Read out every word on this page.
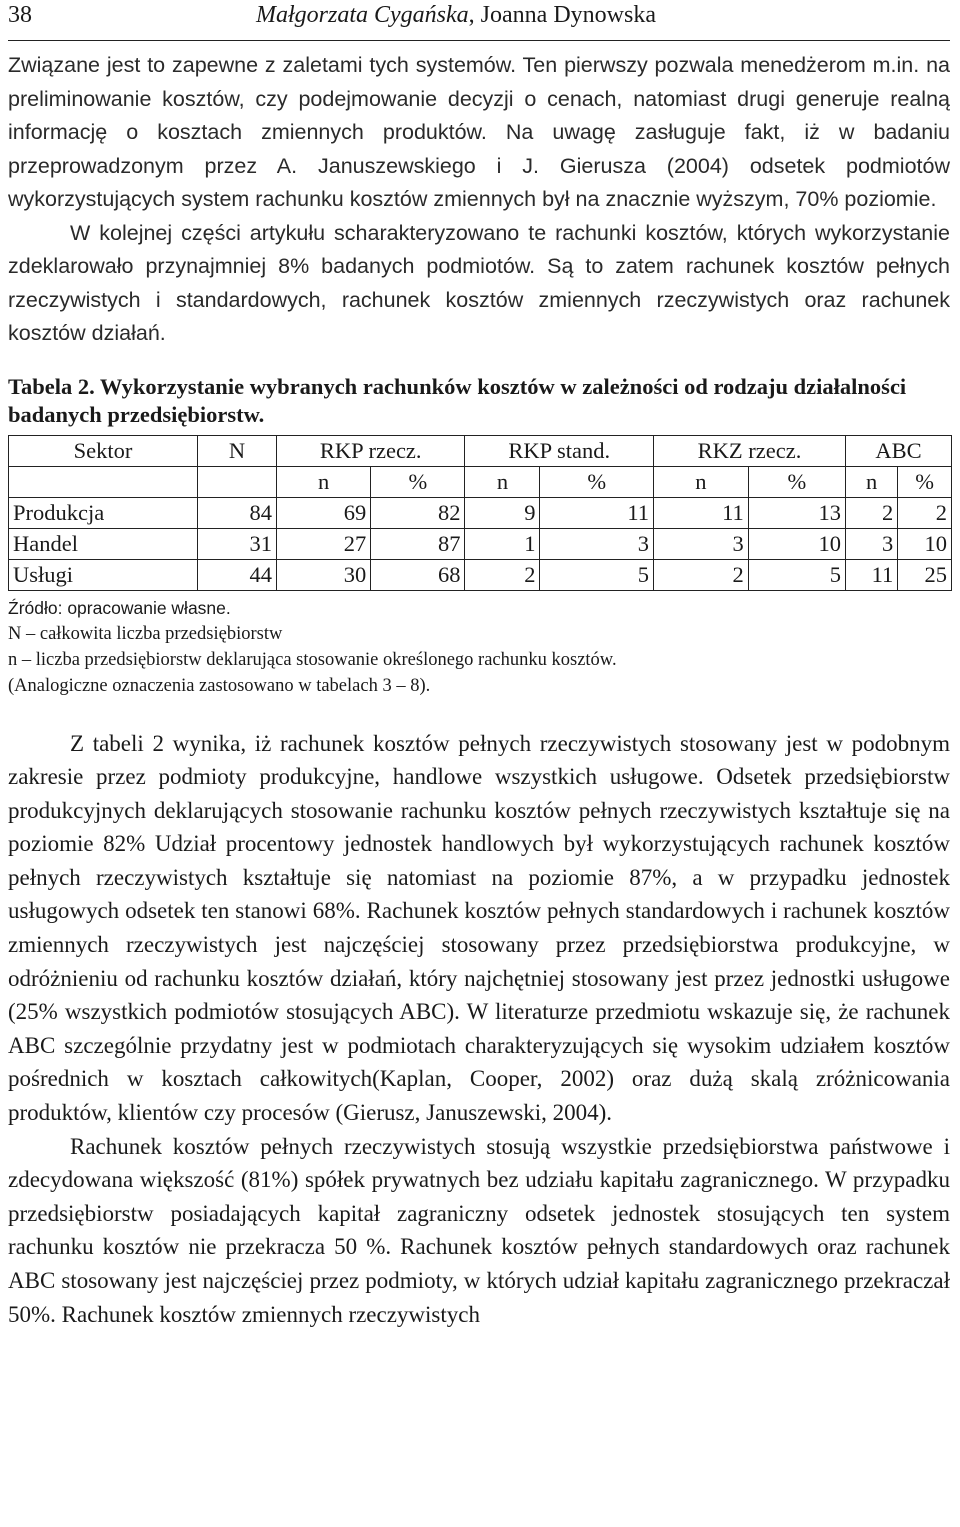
38	Małgorzata Cygańska, Joanna Dynowska

Związane jest to zapewne z zaletami tych systemów. Ten pierwszy pozwala menedżerom m.in. na preliminowanie kosztów, czy podejmowanie decyzji o cenach, natomiast drugi generuje realną informację o kosztach zmiennych produktów. Na uwagę zasługuje fakt, iż w badaniu przeprowadzonym przez A. Januszewskiego i J. Gierusza (2004) odsetek podmiotów wykorzystujących system rachunku kosztów zmiennych był na znacznie wyższym, 70% poziomie.

W kolejnej części artykułu scharakteryzowano te rachunki kosztów, których wykorzystanie zdeklarowało przynajmniej 8% badanych podmiotów. Są to zatem rachunek kosztów pełnych rzeczywistych i standardowych, rachunek kosztów zmiennych rzeczywistych oraz rachunek kosztów działań.

Tabela 2. Wykorzystanie wybranych rachunków kosztów w zależności od rodzaju działalności badanych przedsiębiorstw.

Sektor	N	RKP rzecz.		RKP stand.		RKZ rzecz.		ABC	
		n	%	n	%	n	%	n	%
Produkcja	84	69	82	9	11	11	13	2	2
Handel	31	27	87	1	3	3	10	3	10
Usługi	44	30	68	2	5	2	5	11	25

Źródło: opracowanie własne.

N – całkowita liczba przedsiębiorstw

n – liczba przedsiębiorstw deklarująca stosowanie określonego rachunku kosztów.

(Analogiczne oznaczenia zastosowano w tabelach 3 – 8).

Z tabeli 2 wynika, iż rachunek kosztów pełnych rzeczywistych stosowany jest w podobnym zakresie przez podmioty produkcyjne, handlowe wszystkich usługowe. Odsetek przedsiębiorstw produkcyjnych deklarujących stosowanie rachunku kosztów pełnych rzeczywistych kształtuje się na poziomie 82% Udział procentowy jednostek handlowych był wykorzystujących rachunek kosztów pełnych rzeczywistych kształtuje się natomiast na poziomie 87%, a w przypadku jednostek usługowych odsetek ten stanowi 68%. Rachunek kosztów pełnych standardowych i rachunek kosztów zmiennych rzeczywistych jest najczęściej stosowany przez przedsiębiorstwa produkcyjne, w odróżnieniu od rachunku kosztów działań, który najchętniej stosowany jest przez jednostki usługowe (25% wszystkich podmiotów stosujących ABC). W literaturze przedmiotu wskazuje się, że rachunek ABC szczególnie przydatny jest w podmiotach charakteryzujących się wysokim udziałem kosztów pośrednich w kosztach całkowitych(Kaplan, Cooper, 2002) oraz dużą skalą zróżnicowania produktów, klientów czy procesów (Gierusz, Januszewski, 2004).

Rachunek kosztów pełnych rzeczywistych stosują wszystkie przedsiębiorstwa państwowe i zdecydowana większość (81%) spółek prywatnych bez udziału kapitału zagranicznego. W przypadku przedsiębiorstw posiadających kapitał zagraniczny odsetek jednostek stosujących ten system rachunku kosztów nie przekracza 50 %. Rachunek kosztów pełnych standardowych oraz rachunek ABC stosowany jest najczęściej przez podmioty, w których udział kapitału zagranicznego przekraczał 50%. Rachunek kosztów zmiennych rzeczywistych
